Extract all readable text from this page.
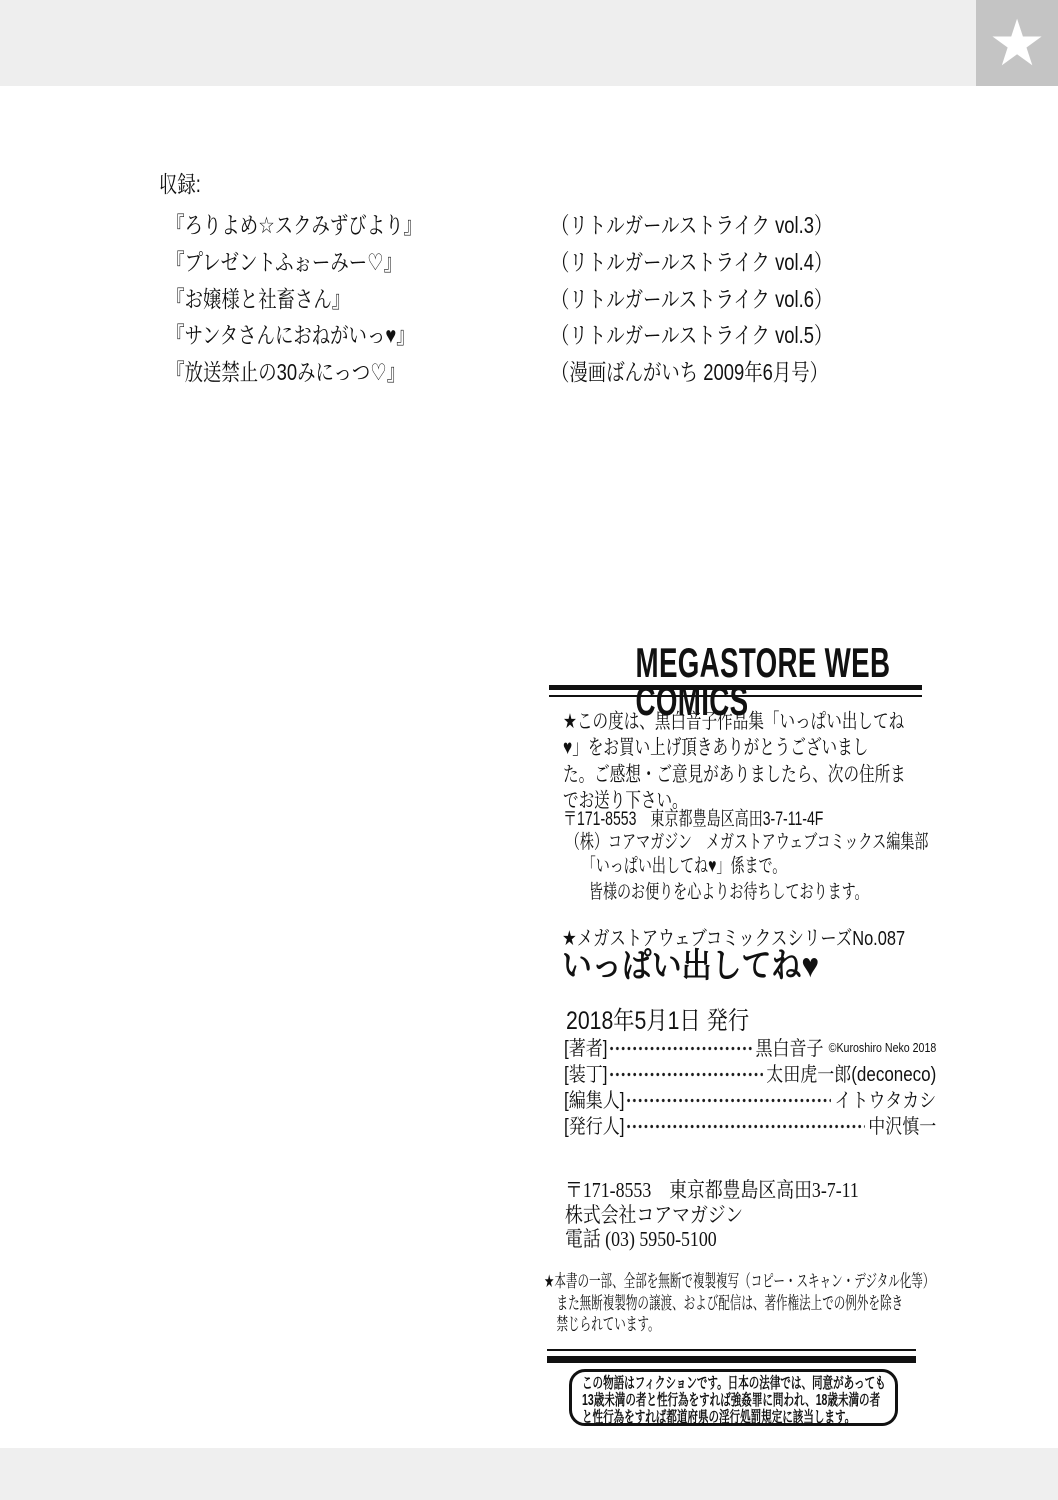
★
収録:
『ろりよめ☆スクみずびより』	（リトルガールストライク vol.3）
『プレゼントふぉーみー♡』	（リトルガールストライク vol.4）
『お嬢様と社畜さん』	（リトルガールストライク vol.6）
『サンタさんにおねがいっ♥』	（リトルガールストライク vol.5）
『放送禁止の30みにっつ♡』	（漫画ばんがいち 2009年6月号）
MEGASTORE WEB COMICS
★この度は、黒白音子作品集「いっぱい出してね
♥」をお買い上げ頂きありがとうございまし
た。ご感想・ご意見がありましたら、次の住所ま
でお送り下さい。
〒171-8553　東京都豊島区高田3-7-11-4F
（株）コアマガジン　メガストアウェブコミックス編集部
「いっぱい出してね♥」係まで。
皆様のお便りを心よりお待ちしております。
★メガストアウェブコミックスシリーズNo.087
いっぱい出してね♥
2018年5月1日 発行
[著者]	黒白音子 ©Kuroshiro Neko 2018
[装丁]	太田虎一郎(deconeco)
[編集人]	イトウタカシ
[発行人]	中沢慎一
〒171-8553　東京都豊島区高田3-7-11
株式会社コアマガジン
電話 (03) 5950-5100
★本書の一部、全部を無断で複製複写（コピー・スキャン・デジタル化等）
また無断複製物の譲渡、および配信は、著作権法上での例外を除き
禁じられています。
この物語はフィクションです。日本の法律では、同意があっても
13歳未満の者と性行為をすれば強姦罪に問われ、18歳未満の者
と性行為をすれば都道府県の淫行処罰規定に該当します。
